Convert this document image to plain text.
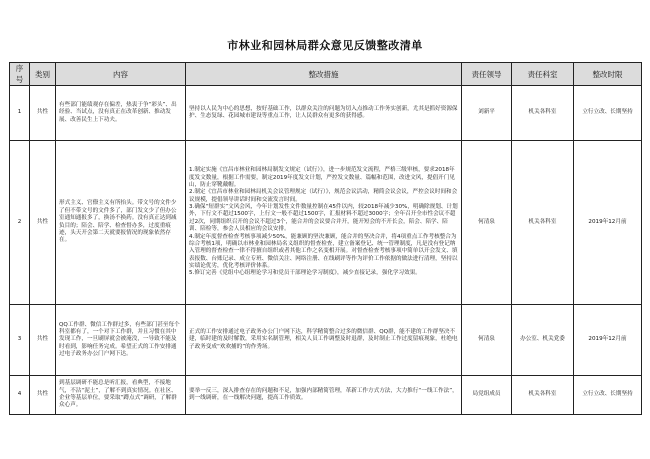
市林业和园林局群众意见反馈整改清单
序号	类别	内容	整改措施	责任领导	责任科室	整改时限
1	共性	有些部门能绩观存在偏差，热衷于争“彩头”、出经验、当试点，没有真正在改革创新、推动发展、改善民生上下功夫。	坚持以人民为中心的思想，按好基础工作，以群众关注的问题为切入点推动工作务实创新，尤其是抓好资源保护、生态复绿、花园城市建设等重点工作，让人民群众有更多的获得感。	刘新平	机关各科室	立行立改、长期坚持
2	共性	形式主义、官僚主义有所抬头。带文号的文件少了但不带文号的文件多了，部门发文少了但办公室通知通报多了，换汤不换药。没有真正达到减负目的；陪会、陪学、检查督办多，过度重痕迹，头天开会第二天就要报情况的现象依然存在。	1.制定实施《宜昌市林业和园林局制发文规定（试行）》，进一步规范发文流程，严格三级审核，要求2018年度发文数量，根据工作需要，制定2019年度发文计划，严控发文数量、篇幅和范围，改进文风，提倡开门见山，防止穿靴戴帽。
2.制定《宜昌市林业和园林局机关会议管理规定（试行）》，规范会议活动，精简会议会议，严控会议时间和会议规模，提倡领导讲话时间和交流发言时间。
3.确保“短群实”文风会风，今年计划发性文件数量控制在45件以内，较2018年减少30%，明确除规划、计划外，下行文不超过1500字，上行文一般不超过1500字，汇报材料不超过3000字；全年召开全市性会议不超过2次，同期组织召开的会议不超过3个，能合并的会议要合并开，能开短会的不开长会，陪会、陪学、陪训、陪检等，参会人员相应的会议安排。
4.制定年度督查检查考核事项减少50%，能兼顾的坚决兼顾，能合并的坚决合并，将4项重点工作考核整合为综合考核1项，明确以市林业和园林局名义组织的督查检查，建立备案登记、统一管理制度，凡是没有登记纳入管理的督查检查一律不得擅自组织或者其他工作之名变相开展。对督查检查考核事项中简单以开会发文、填表报数、台账记录、成立专班、微信关注、网络注册、在线刷评等作为评价工作依据的做法进行清理，坚持以实绩论优劣，优化考核评价体系。
5.修订完善《党组中心组理论学习和党员干部理论学习制度》，减少直接记录，强化学习效果。	何清泉	机关各科室	2019年12月前
3	共性	QQ工作群、微信工作群过多，有些部门甚至每个科室都有了，一个对下工作群，并且习惯在其中发现工作，一旦刷屏就会被淹没，一导致不能及时看到，影响任务完成。希望正式的工作安排通过电子政务办公门户网下达。	正式的工作安排通过电子政务办公门户网下达，科学精简整合过多的微信群、QQ群，能不建的工作群坚决不建，临时建的及时解散，采用实名制管理，相关人员工作调整及时退群，及时制止工作过度留痕现象，杜绝电子政务变成“欢欢捕的”的作秀场。	何清泉	办公室、机关党委	2019年12月前
4	共性	到基层调研不能总是听汇报，看典型，不接地气，不沾“泥土”，了解不到真实情况。在社区、企业等基层单位，要采取“蹲点式”调研，了解群众心声。	要举一反三，深入排查存在的问题和不足，加强内部精简管理，革新工作方式方法，大力推行“一线工作法”，到一线调研，在一线解决问题，提高工作质效。	局党组成员	机关各科室	立行立改、长期坚持
